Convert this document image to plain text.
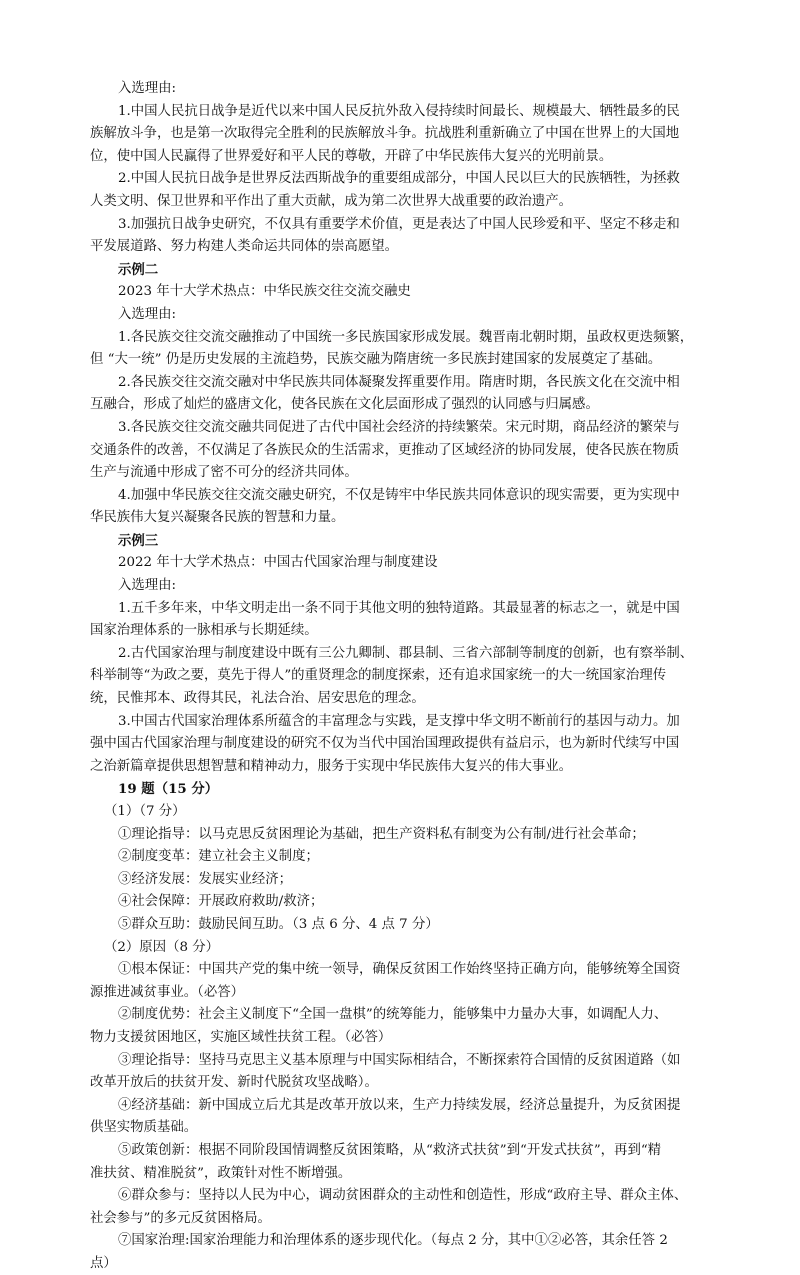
入选理由:
1.中国人民抗日战争是近代以来中国人民反抗外敌入侵持续时间最长、规模最大、牺牲最多的民
族解放斗争，也是第一次取得完全胜利的民族解放斗争。抗战胜利重新确立了中国在世界上的大国地
位，使中国人民赢得了世界爱好和平人民的尊敬，开辟了中华民族伟大复兴的光明前景。
2.中国人民抗日战争是世界反法西斯战争的重要组成部分，中国人民以巨大的民族牺牲，为拯救
人类文明、保卫世界和平作出了重大贡献，成为第二次世界大战重要的政治遗产。
3.加强抗日战争史研究，不仅具有重要学术价值，更是表达了中国人民珍爱和平、坚定不移走和
平发展道路、努力构建人类命运共同体的崇高愿望。
示例二
2023 年十大学术热点：中华民族交往交流交融史
入选理由:
1.各民族交往交流交融推动了中国统一多民族国家形成发展。魏晋南北朝时期，虽政权更迭频繁，
但 “大一统” 仍是历史发展的主流趋势，民族交融为隋唐统一多民族封建国家的发展奠定了基础。
2.各民族交往交流交融对中华民族共同体凝聚发挥重要作用。隋唐时期，各民族文化在交流中相
互融合，形成了灿烂的盛唐文化，使各民族在文化层面形成了强烈的认同感与归属感。
3.各民族交往交流交融共同促进了古代中国社会经济的持续繁荣。宋元时期，商品经济的繁荣与
交通条件的改善，不仅满足了各族民众的生活需求，更推动了区域经济的协同发展，使各民族在物质
生产与流通中形成了密不可分的经济共同体。
4.加强中华民族交往交流交融史研究，不仅是铸牢中华民族共同体意识的现实需要，更为实现中
华民族伟大复兴凝聚各民族的智慧和力量。
示例三
2022 年十大学术热点：中国古代国家治理与制度建设
入选理由:
1.五千多年来，中华文明走出一条不同于其他文明的独特道路。其最显著的标志之一，就是中国
国家治理体系的一脉相承与长期延续。
2.古代国家治理与制度建设中既有三公九卿制、郡县制、三省六部制等制度的创新，也有察举制、
科举制等“为政之要，莫先于得人”的重贤理念的制度探索，还有追求国家统一的大一统国家治理传
统，民惟邦本、政得其民，礼法合治、居安思危的理念。
3.中国古代国家治理体系所蕴含的丰富理念与实践，是支撑中华文明不断前行的基因与动力。加
强中国古代国家治理与制度建设的研究不仅为当代中国治国理政提供有益启示，也为新时代续写中国
之治新篇章提供思想智慧和精神动力，服务于实现中华民族伟大复兴的伟大事业。
19 题（15 分）
（1）（7 分）
①理论指导：以马克思反贫困理论为基础，把生产资料私有制变为公有制/进行社会革命；
②制度变革：建立社会主义制度；
③经济发展：发展实业经济；
④社会保障：开展政府救助/救济；
⑤群众互助：鼓励民间互助。（3 点 6 分、4 点 7 分）
（2）原因（8 分）
①根本保证：中国共产党的集中统一领导，确保反贫困工作始终坚持正确方向，能够统筹全国资
源推进减贫事业。（必答）
②制度优势：社会主义制度下“全国一盘棋”的统筹能力，能够集中力量办大事，如调配人力、
物力支援贫困地区，实施区域性扶贫工程。（必答）
③理论指导：坚持马克思主义基本原理与中国实际相结合，不断探索符合国情的反贫困道路（如
改革开放后的扶贫开发、新时代脱贫攻坚战略）。
④经济基础：新中国成立后尤其是改革开放以来，生产力持续发展，经济总量提升，为反贫困提
供坚实物质基础。
⑤政策创新：根据不同阶段国情调整反贫困策略，从“救济式扶贫”到“开发式扶贫”，再到“精
准扶贫、精准脱贫”，政策针对性不断增强。
⑥群众参与：坚持以人民为中心，调动贫困群众的主动性和创造性，形成“政府主导、群众主体、
社会参与”的多元反贫困格局。
⑦国家治理:国家治理能力和治理体系的逐步现代化。（每点 2 分，其中①②必答，其余任答 2
点）
